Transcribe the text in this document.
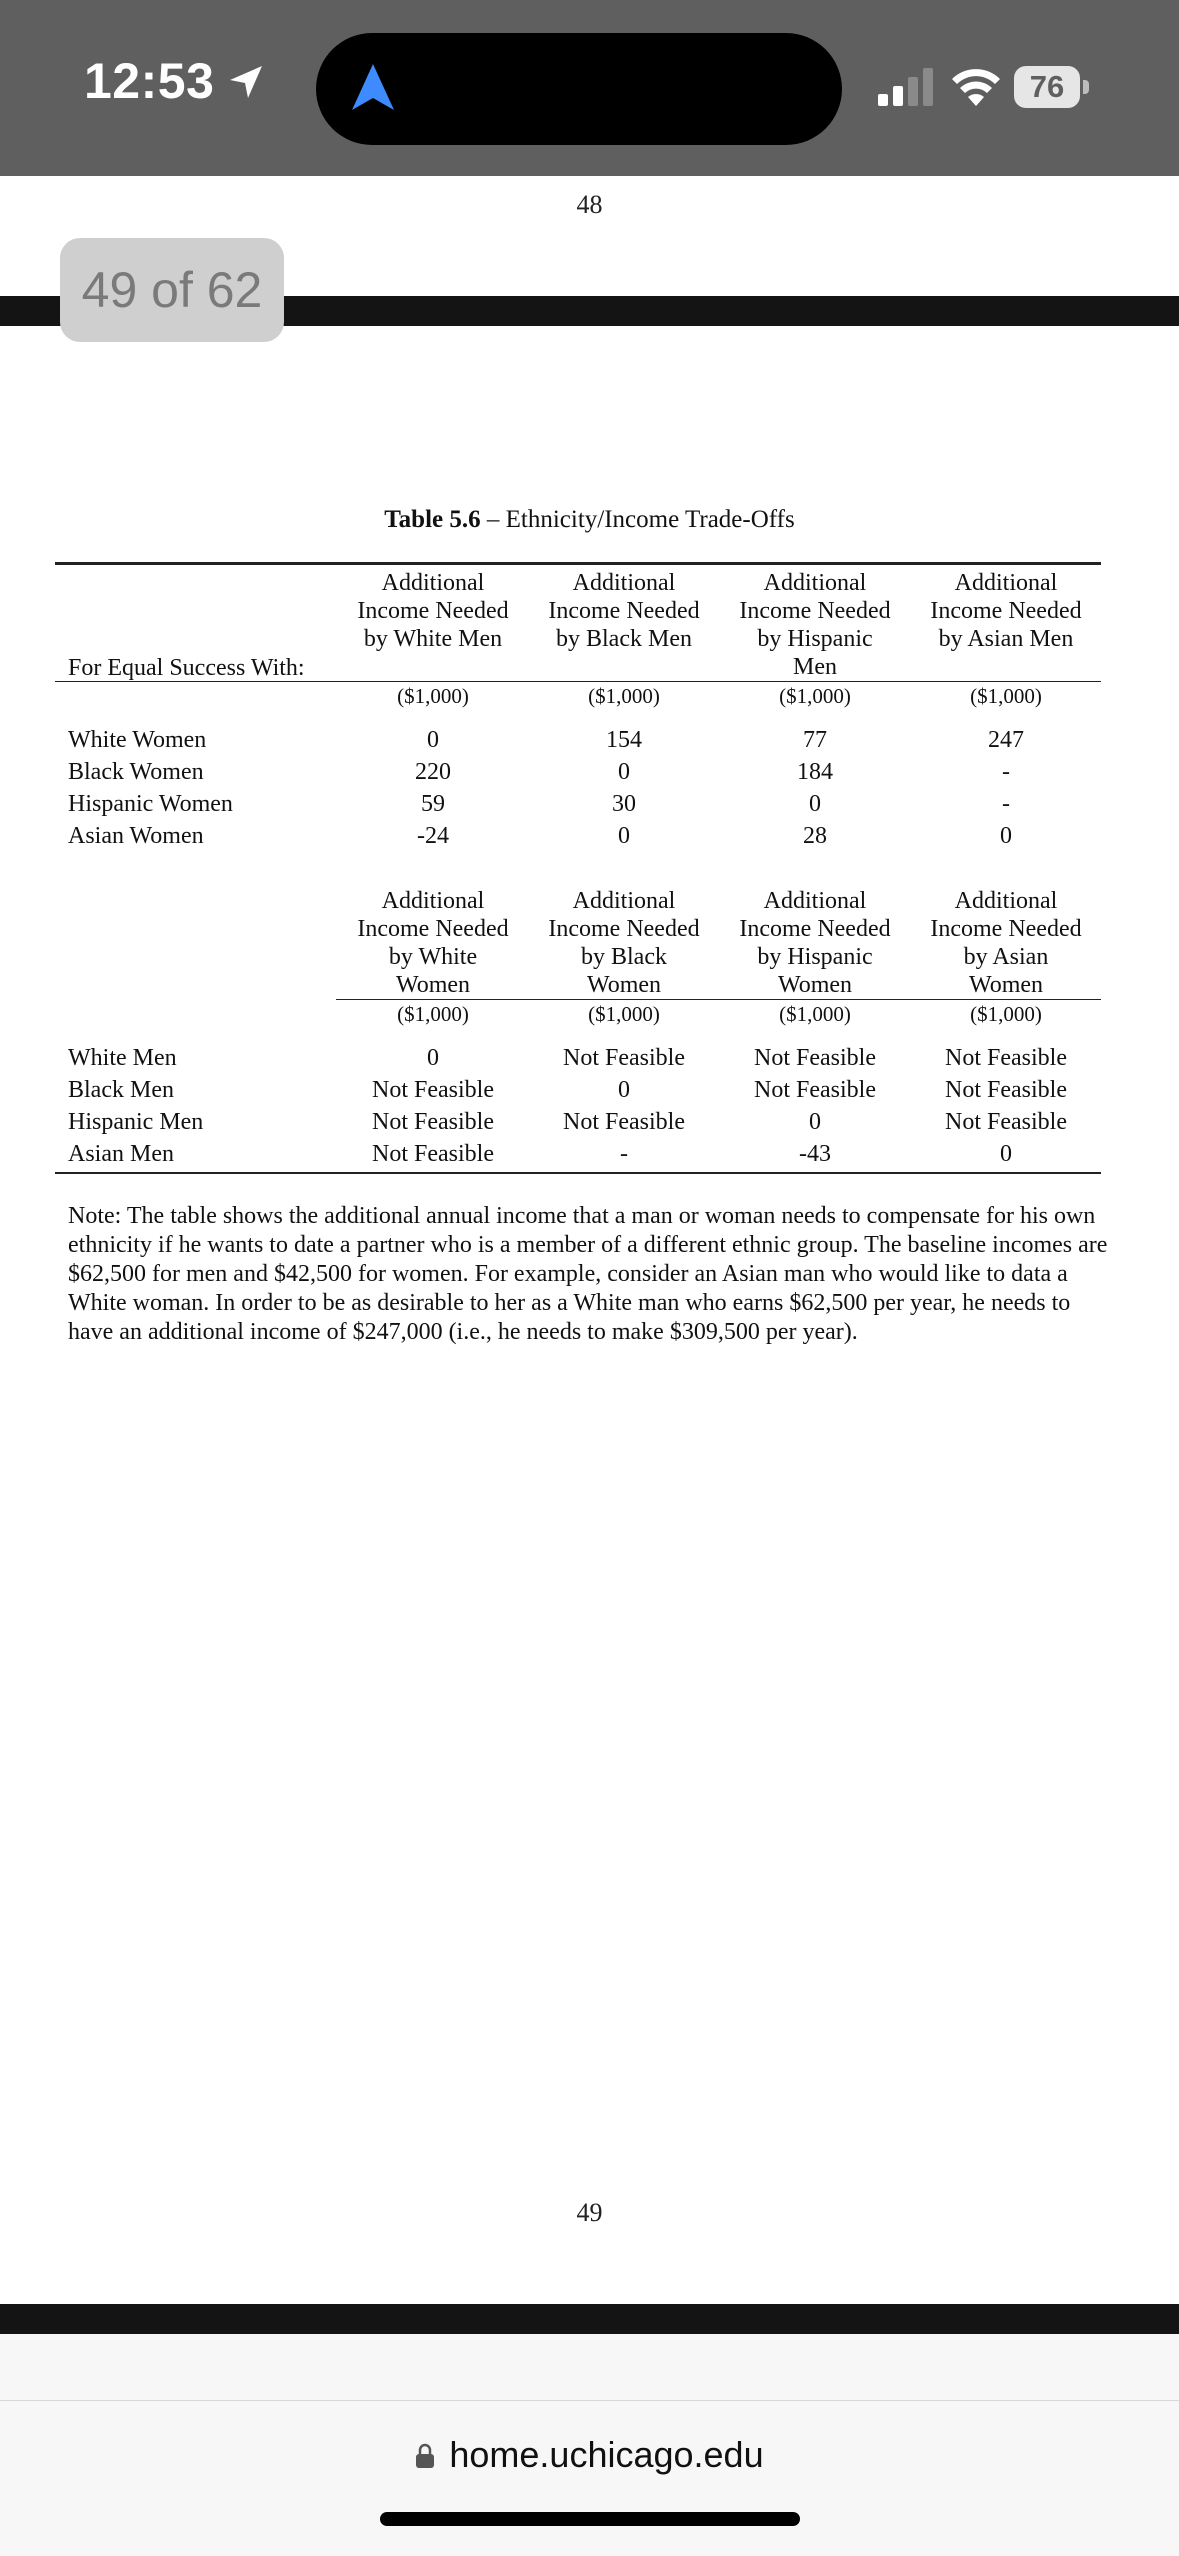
12:53	76
48
49 of 62
Table 5.6 – Ethnicity/Income Trade-Offs
For Equal Success With:
Additional
Income Needed
by White Men
Additional
Income Needed
by Black Men
Additional
Income Needed
by Hispanic
Men
Additional
Income Needed
by Asian Men
($1,000)	($1,000)	($1,000)	($1,000)
White Women	0	154	77	247
Black Women	220	0	184	-
Hispanic Women	59	30	0	-
Asian Women	-24	0	28	0
Additional
Income Needed
by White
Women
Additional
Income Needed
by Black
Women
Additional
Income Needed
by Hispanic
Women
Additional
Income Needed
by Asian
Women
($1,000)	($1,000)	($1,000)	($1,000)
White Men	0	Not Feasible	Not Feasible	Not Feasible
Black Men	Not Feasible	0	Not Feasible	Not Feasible
Hispanic Men	Not Feasible	Not Feasible	0	Not Feasible
Asian Men	Not Feasible	-	-43	0
Note: The table shows the additional annual income that a man or woman needs to compensate for his own ethnicity if he wants to date a partner who is a member of a different ethnic group. The baseline incomes are $62,500 for men and $42,500 for women. For example, consider an Asian man who would like to data a White woman. In order to be as desirable to her as a White man who earns $62,500 per year, he needs to have an additional income of $247,000 (i.e., he needs to make $309,500 per year).
49
home.uchicago.edu
